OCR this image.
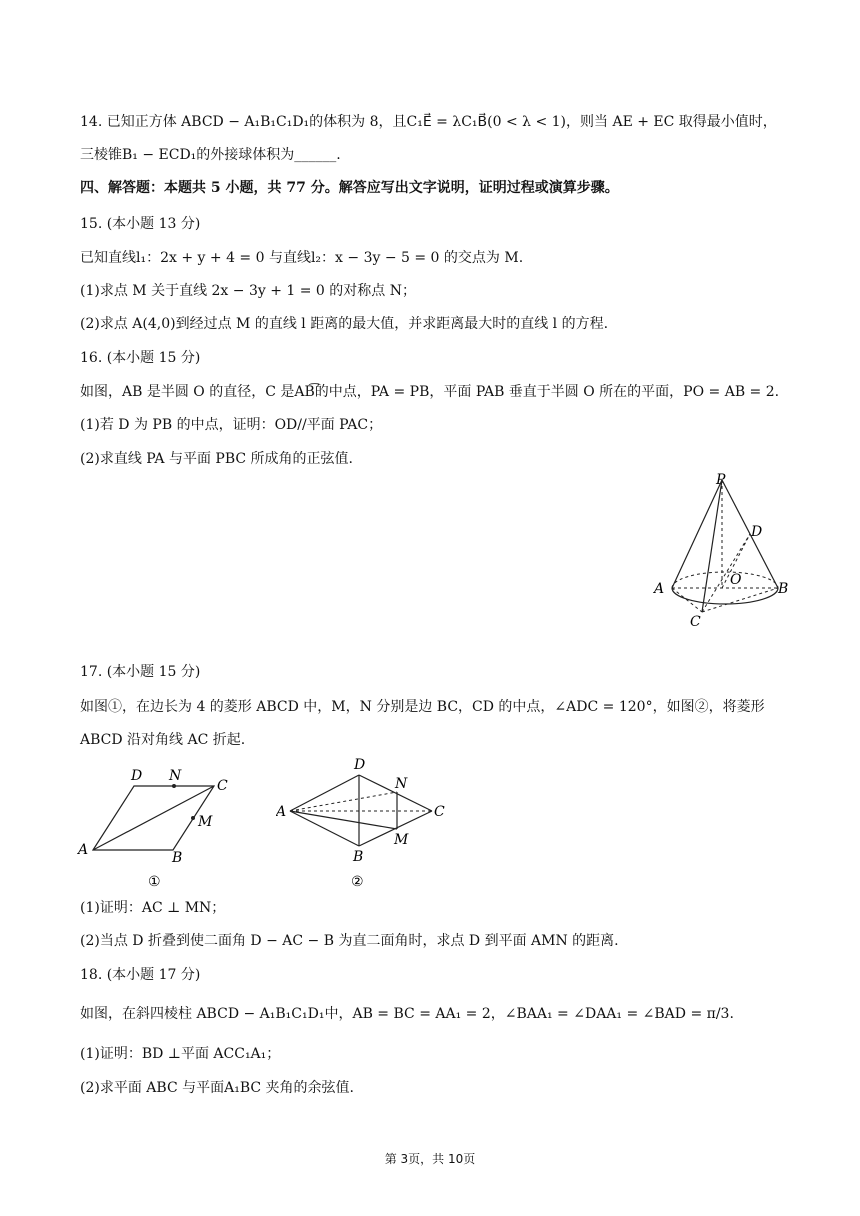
14. 已知正方体 ABCD − A₁B₁C₁D₁的体积为 8，且C₁E⃗ = λC₁B⃗(0 < λ < 1)，则当 AE + EC 取得最小值时，
三棱锥B₁ − ECD₁的外接球体积为______.
四、解答题：本题共 5 小题，共 77 分。解答应写出文字说明，证明过程或演算步骤。
15. (本小题 13 分)
已知直线l₁：2x + y + 4 = 0 与直线l₂：x − 3y − 5 = 0 的交点为 M.
(1)求点 M 关于直线 2x − 3y + 1 = 0 的对称点 N；
(2)求点 A(4,0)到经过点 M 的直线 l 距离的最大值，并求距离最大时的直线 l 的方程.
16. (本小题 15 分)
如图，AB 是半圆 O 的直径，C 是AB͡的中点，PA = PB，平面 PAB 垂直于半圆 O 所在的平面，PO = AB = 2.
(1)若 D 为 PB 的中点，证明：OD//平面 PAC；
(2)求直线 PA 与平面 PBC 所成角的正弦值.
P
D
O
A	B
C
17. (本小题 15 分)
如图①，在边长为 4 的菱形 ABCD 中，M，N 分别是边 BC，CD 的中点，∠ADC = 120°，如图②，将菱形
ABCD 沿对角线 AC 折起.
D N
C
M
A	B
①
D
N
C
M
A
B
②
(1)证明：AC ⊥ MN；
(2)当点 D 折叠到使二面角 D − AC − B 为直二面角时，求点 D 到平面 AMN 的距离.
18. (本小题 17 分)
如图，在斜四棱柱 ABCD − A₁B₁C₁D₁中，AB = BC = AA₁ = 2，∠BAA₁ = ∠DAA₁ = ∠BAD = π/3.
(1)证明：BD ⊥平面 ACC₁A₁；
(2)求平面 ABC 与平面A₁BC 夹角的余弦值.
第 3页，共 10页
